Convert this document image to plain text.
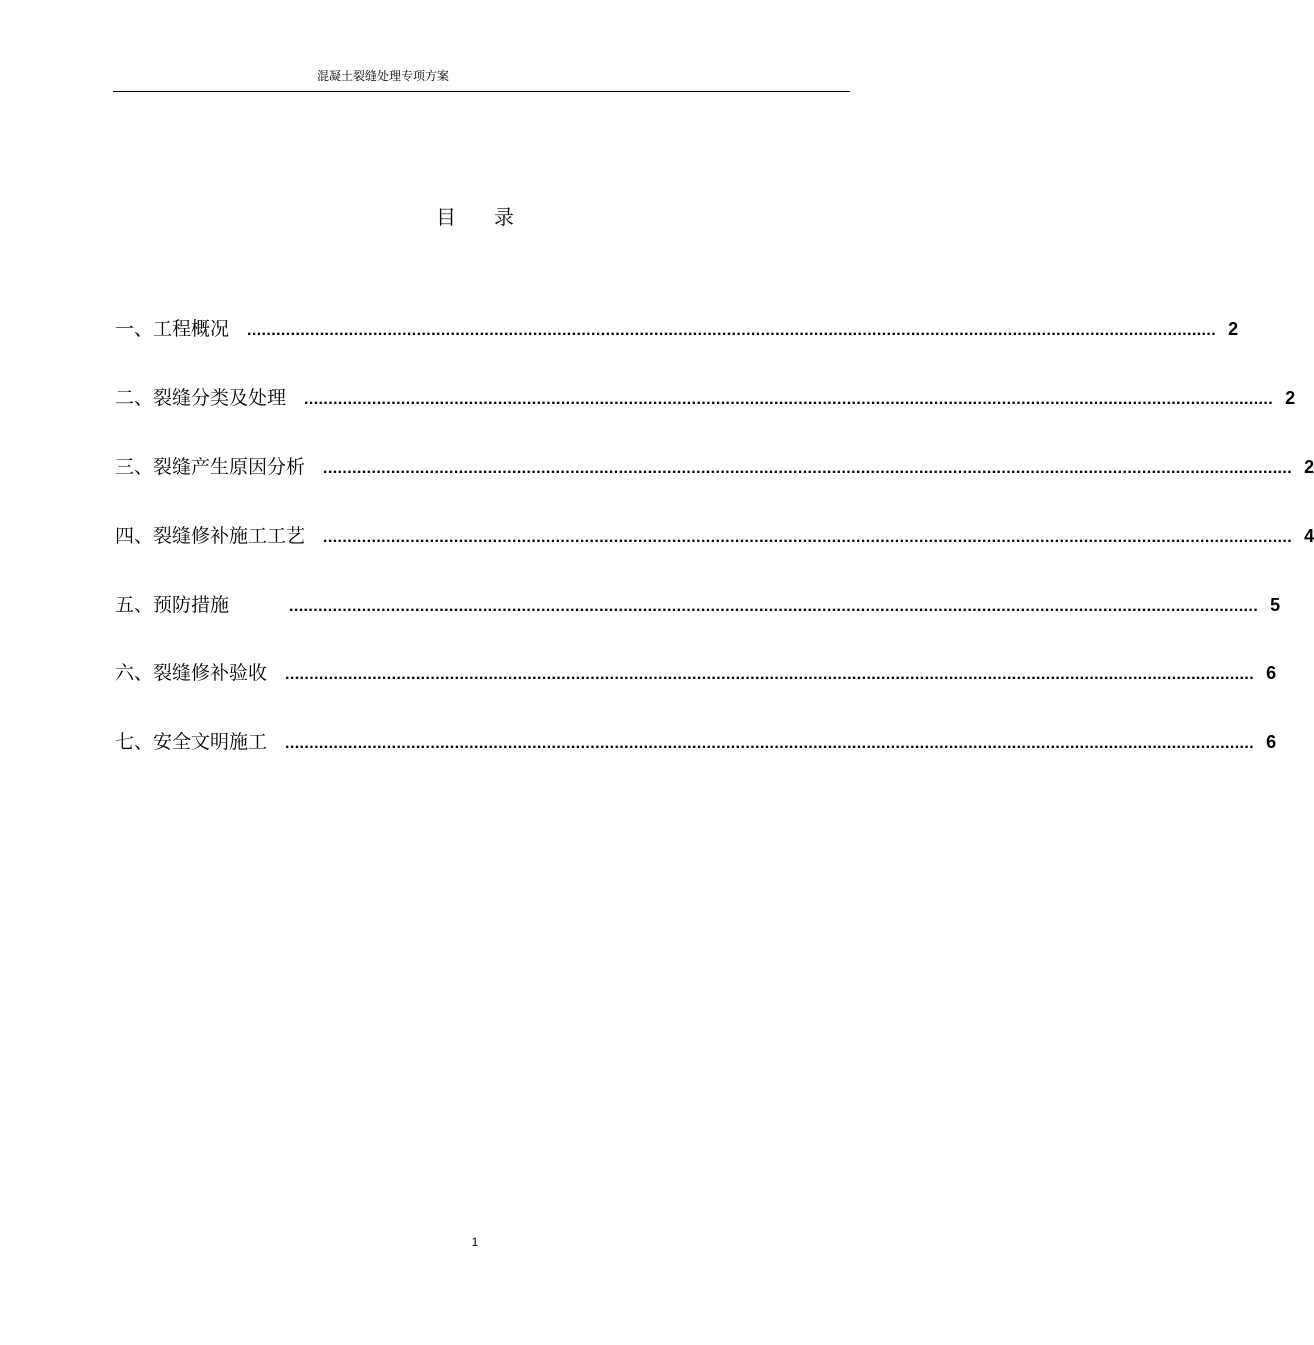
混凝土裂缝处理专项方案
目录
一、工程概况 ........................................................................................................................................................................................................ 2
二、裂缝分类及处理 ........................................................................................................................................................................................................ 2
三、裂缝产生原因分析 ........................................................................................................................................................................................................ 2
四、裂缝修补施工工艺 ........................................................................................................................................................................................................ 4
五、预防措施	........................................................................................................................................................................................................ 5
六、裂缝修补验收 ........................................................................................................................................................................................................ 6
七、安全文明施工 ........................................................................................................................................................................................................ 6
1
